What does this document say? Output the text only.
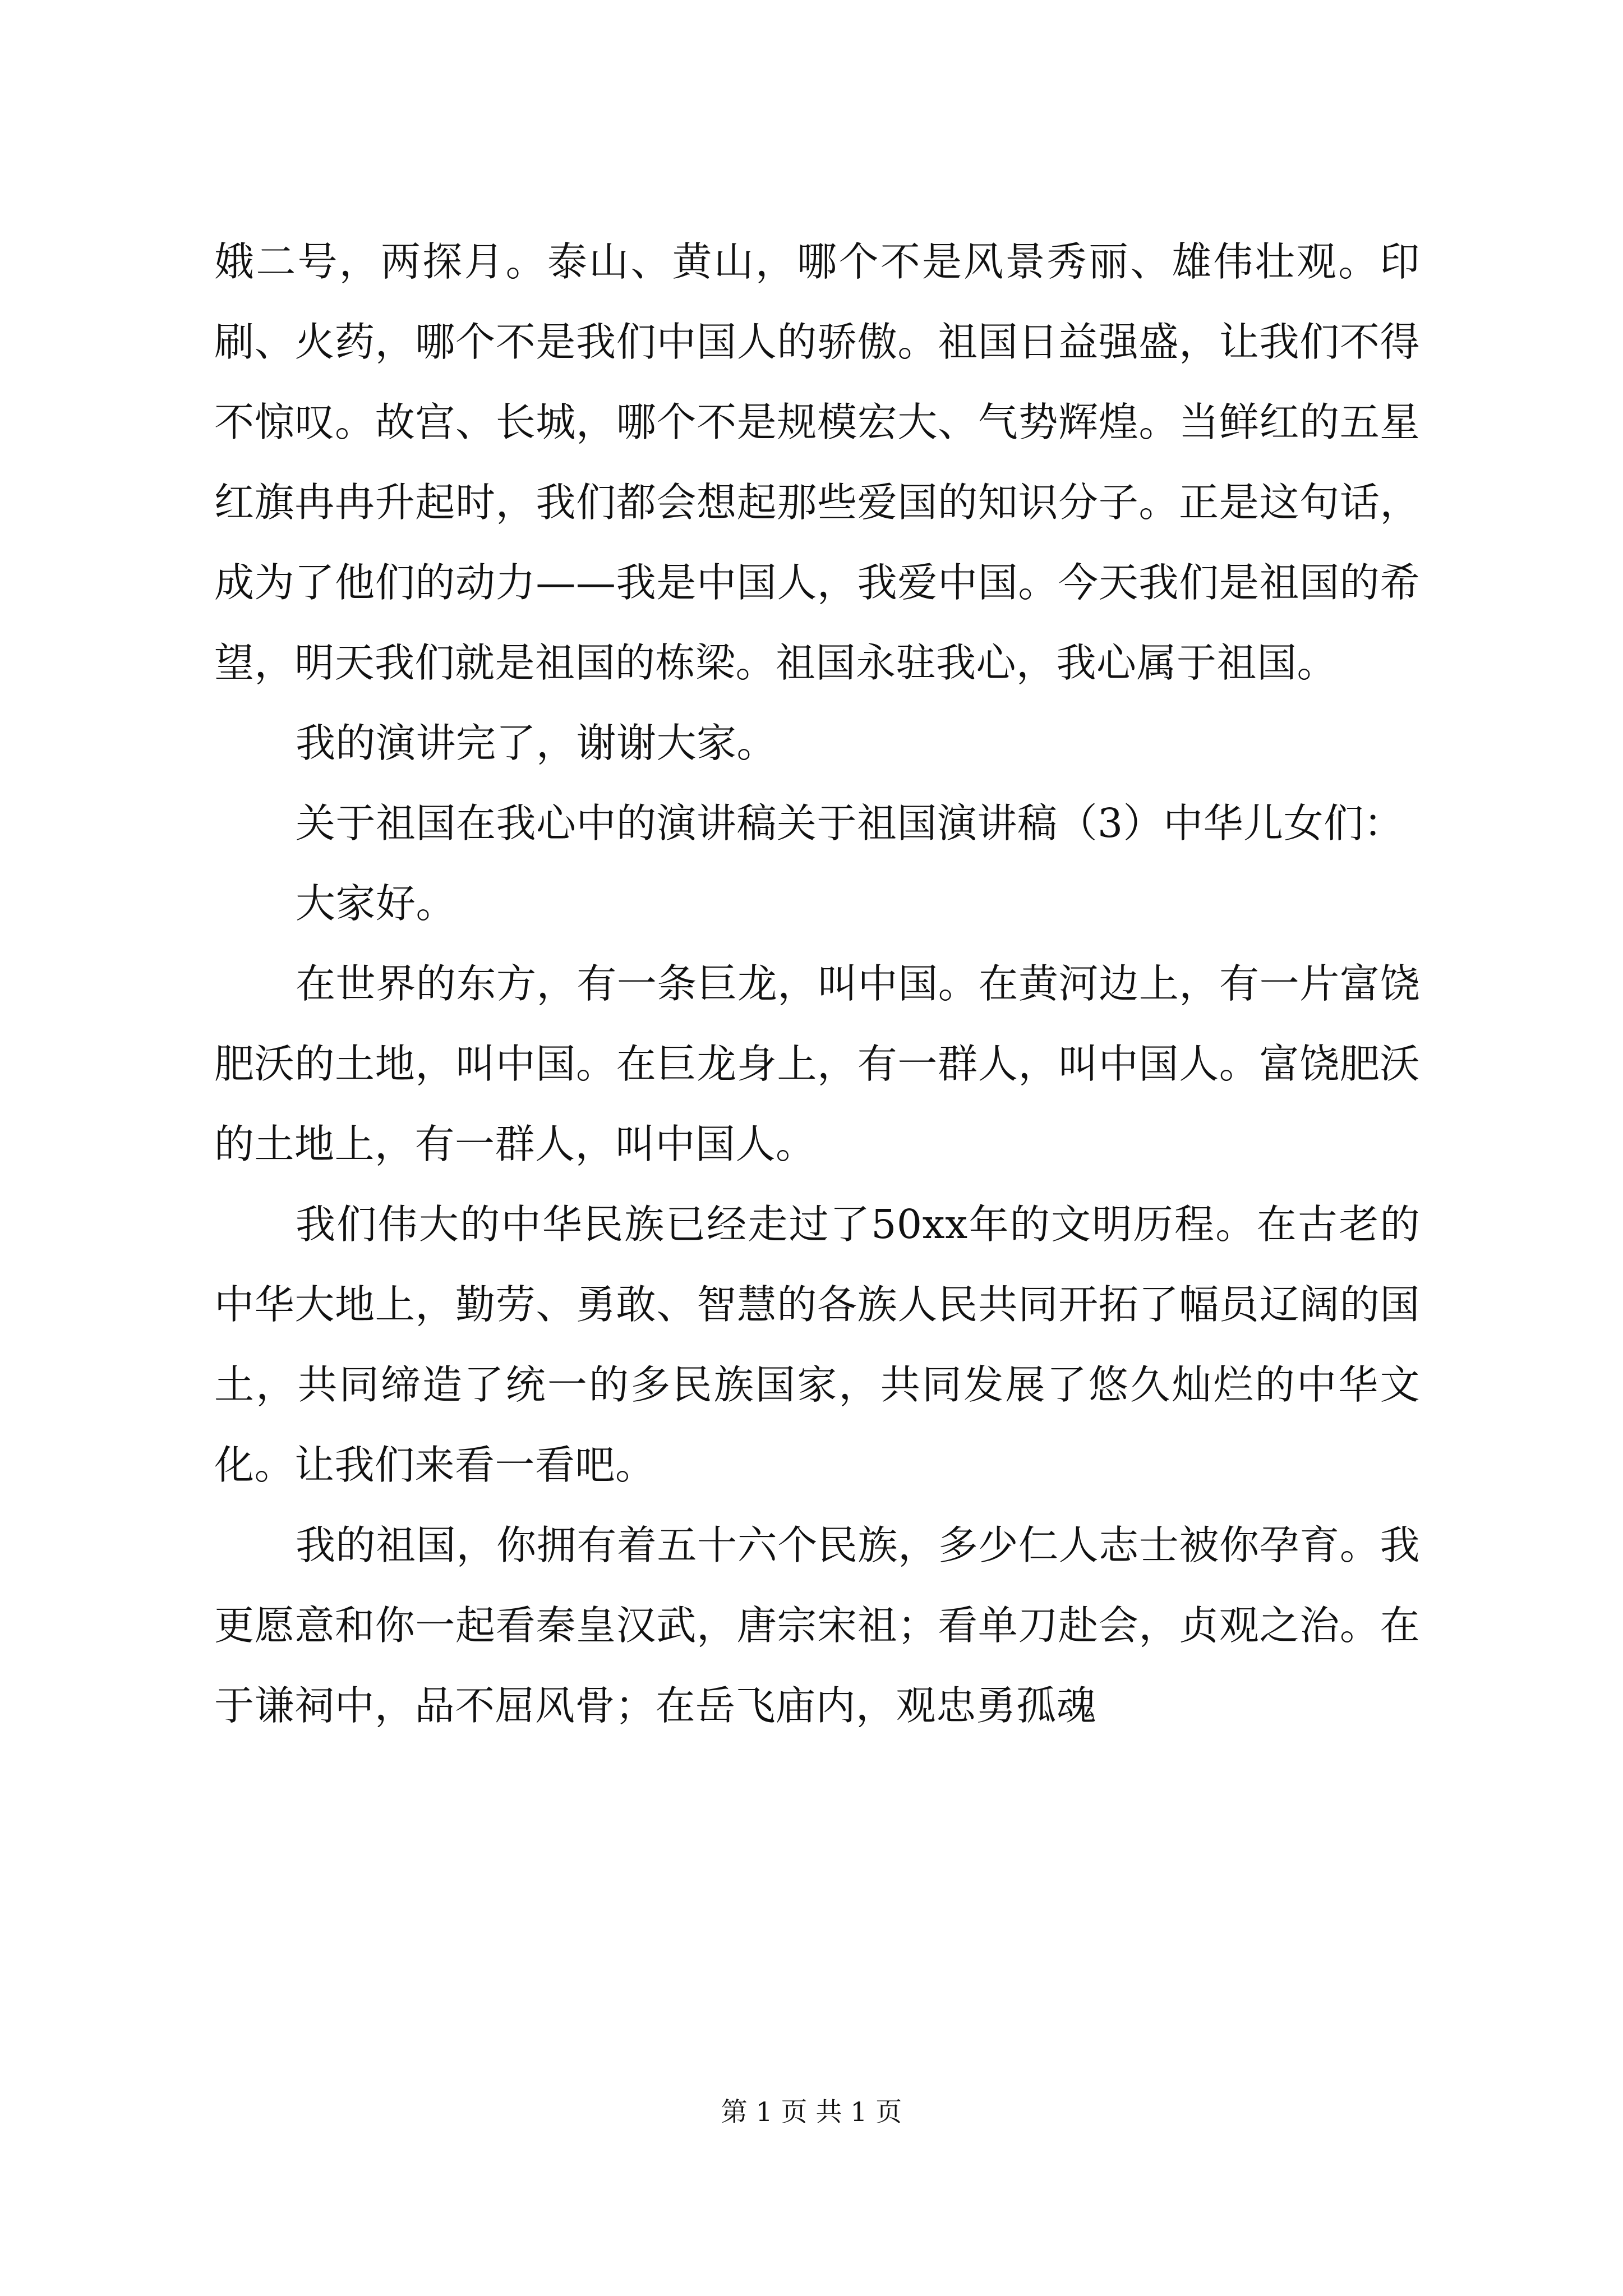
娥二号，两探月。泰山、黄山，哪个不是风景秀丽、雄伟壮观。印刷、火药，哪个不是我们中国人的骄傲。祖国日益强盛，让我们不得不惊叹。故宫、长城，哪个不是规模宏大、气势辉煌。当鲜红的五星红旗冉冉升起时，我们都会想起那些爱国的知识分子。正是这句话，成为了他们的动力——我是中国人，我爱中国。今天我们是祖国的希望，明天我们就是祖国的栋梁。祖国永驻我心，我心属于祖国。

我的演讲完了，谢谢大家。

关于祖国在我心中的演讲稿关于祖国演讲稿（3）中华儿女们：

大家好。

在世界的东方，有一条巨龙，叫中国。在黄河边上，有一片富饶肥沃的土地，叫中国。在巨龙身上，有一群人，叫中国人。富饶肥沃的土地上，有一群人，叫中国人。

我们伟大的中华民族已经走过了50xx年的文明历程。在古老的中华大地上，勤劳、勇敢、智慧的各族人民共同开拓了幅员辽阔的国土，共同缔造了统一的多民族国家，共同发展了悠久灿烂的中华文化。让我们来看一看吧。

我的祖国，你拥有着五十六个民族，多少仁人志士被你孕育。我更愿意和你一起看秦皇汉武，唐宗宋祖；看单刀赴会，贞观之治。在于谦祠中，品不屈风骨；在岳飞庙内，观忠勇孤魂

第 1 页 共 1 页
